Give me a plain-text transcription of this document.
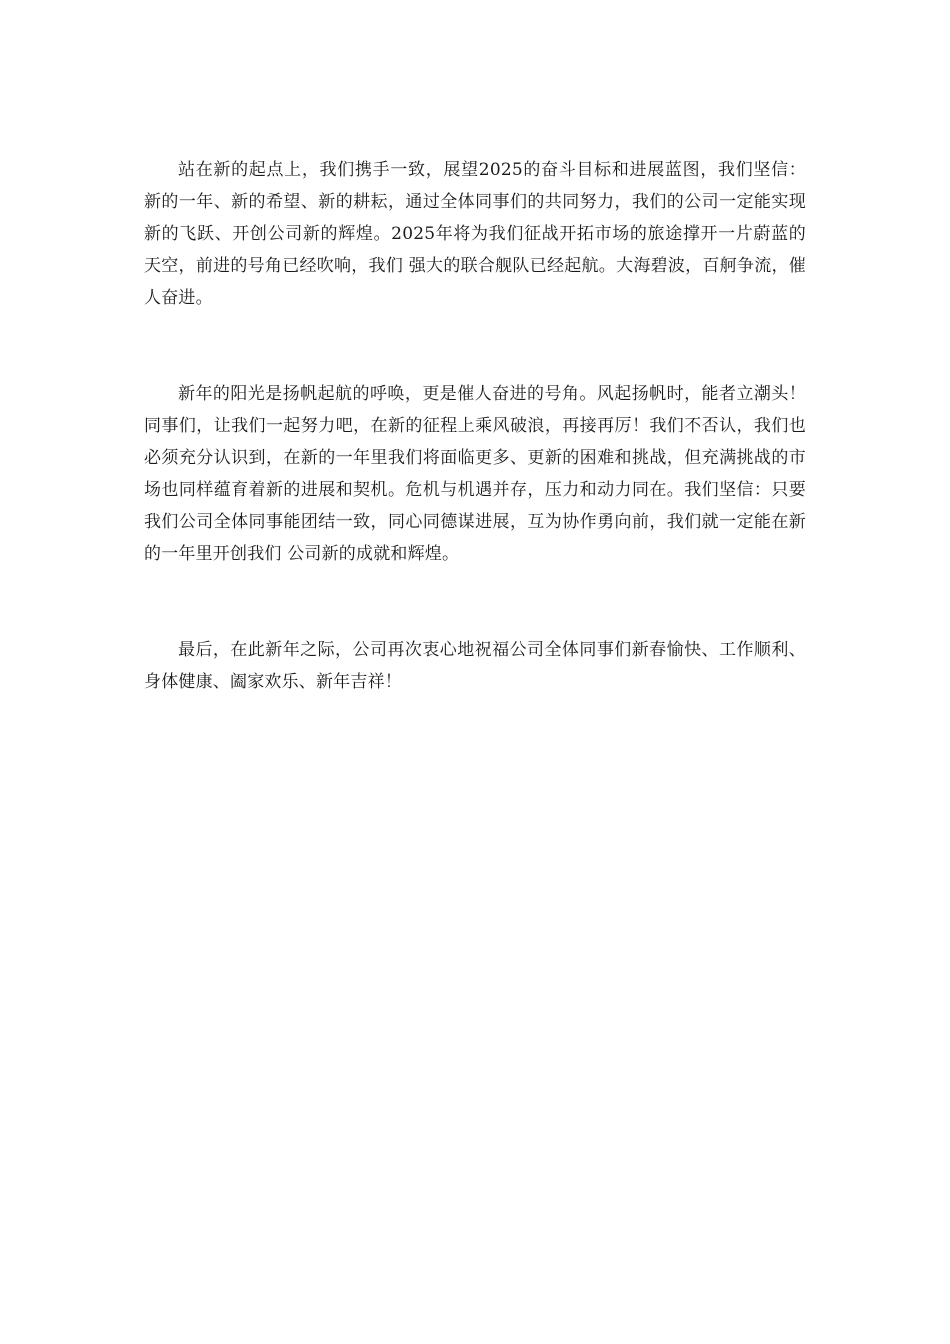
站在新的起点上，我们携手一致，展望2025的奋斗目标和进展蓝图，我们坚信：新的一年、新的希望、新的耕耘，通过全体同事们的共同努力，我们的公司一定能实现新的飞跃、开创公司新的辉煌。2025年将为我们征战开拓市场的旅途撑开一片蔚蓝的天空，前进的号角已经吹响，我们 强大的联合舰队已经起航。大海碧波，百舸争流，催人奋进。

新年的阳光是扬帆起航的呼唤，更是催人奋进的号角。风起扬帆时，能者立潮头！同事们，让我们一起努力吧，在新的征程上乘风破浪，再接再厉！我们不否认，我们也必须充分认识到，在新的一年里我们将面临更多、更新的困难和挑战，但充满挑战的市场也同样蕴育着新的进展和契机。危机与机遇并存，压力和动力同在。我们坚信：只要我们公司全体同事能团结一致，同心同德谋进展，互为协作勇向前，我们就一定能在新的一年里开创我们 公司新的成就和辉煌。

最后，在此新年之际，公司再次衷心地祝福公司全体同事们新春愉快、工作顺利、身体健康、阖家欢乐、新年吉祥！
